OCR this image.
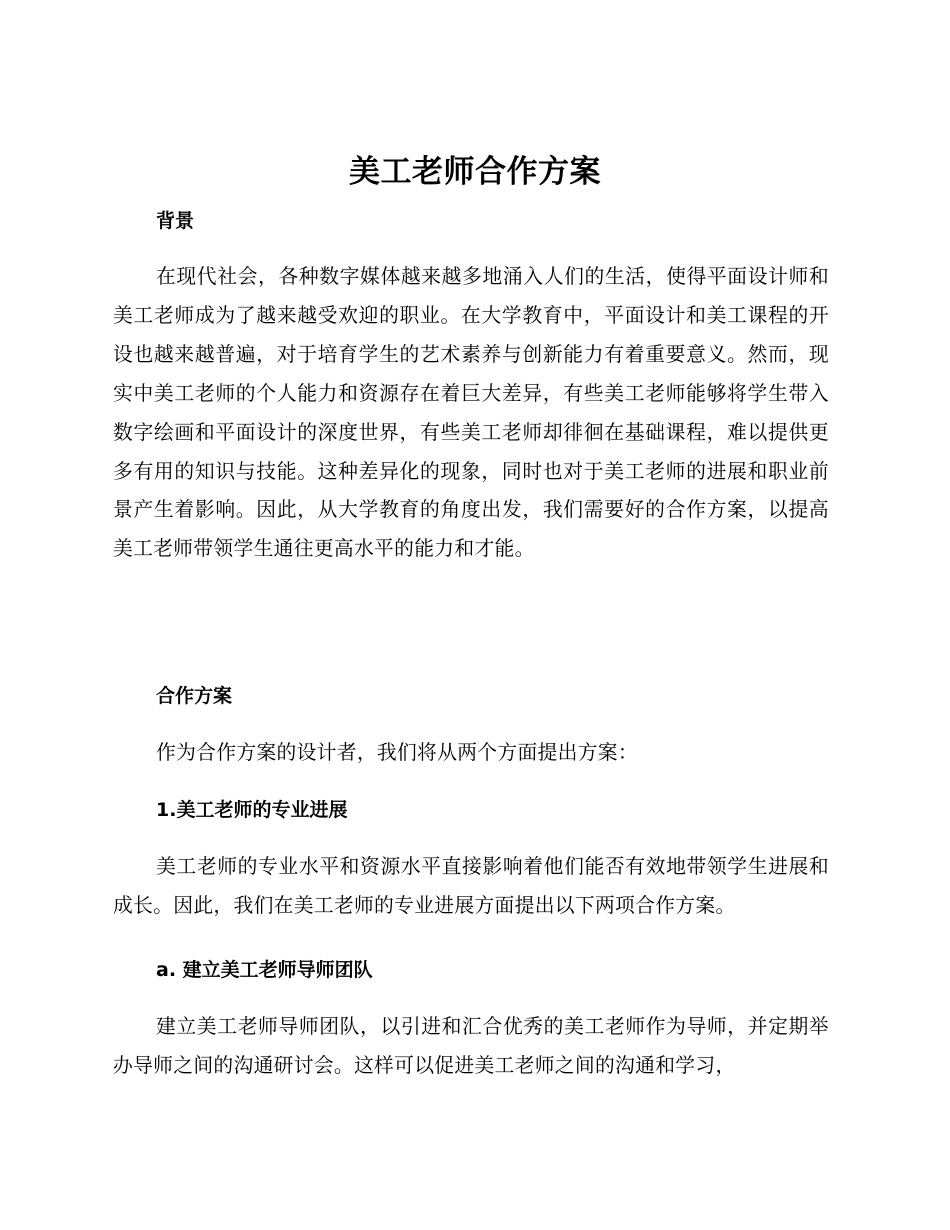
美工老师合作方案
背景
在现代社会，各种数字媒体越来越多地涌入人们的生活，使得平面设计师和美工老师成为了越来越受欢迎的职业。在大学教育中，平面设计和美工课程的开设也越来越普遍，对于培育学生的艺术素养与创新能力有着重要意义。然而，现实中美工老师的个人能力和资源存在着巨大差异，有些美工老师能够将学生带入数字绘画和平面设计的深度世界，有些美工老师却徘徊在基础课程，难以提供更多有用的知识与技能。这种差异化的现象，同时也对于美工老师的进展和职业前景产生着影响。因此，从大学教育的角度出发，我们需要好的合作方案，以提高美工老师带领学生通往更高水平的能力和才能。
合作方案
作为合作方案的设计者，我们将从两个方面提出方案：
1.美工老师的专业进展
美工老师的专业水平和资源水平直接影响着他们能否有效地带领学生进展和成长。因此，我们在美工老师的专业进展方面提出以下两项合作方案。
a. 建立美工老师导师团队
建立美工老师导师团队，以引进和汇合优秀的美工老师作为导师，并定期举办导师之间的沟通研讨会。这样可以促进美工老师之间的沟通和学习，
